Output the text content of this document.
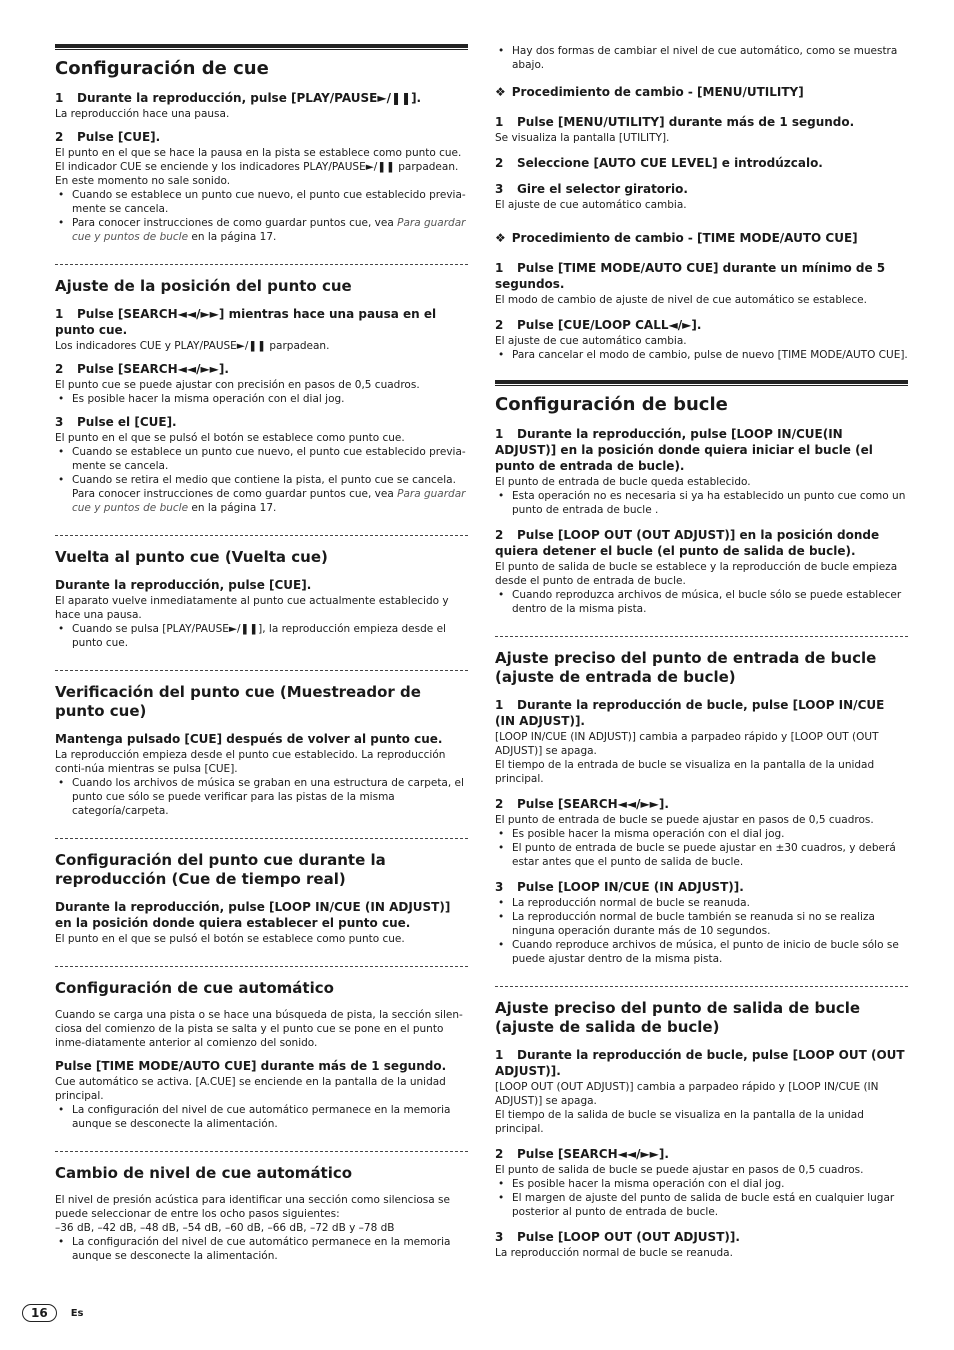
Configuración de cue
1 Durante la reproducción, pulse [PLAY/PAUSE►/❚❚].

La reproducción hace una pausa.

2 Pulse [CUE].

El punto en el que se hace la pausa en la pista se establece como punto cue. El indicador CUE se enciende y los indicadores PLAY/PAUSE►/❚❚ parpadean. En este momento no sale sonido.

• Cuando se establece un punto cue nuevo, el punto cue establecido previa-mente se cancela.
• Para conocer instrucciones de como guardar puntos cue, vea Para guardar cue y puntos de bucle en la página 17.
Ajuste de la posición del punto cue
1 Pulse [SEARCH◄◄/►►] mientras hace una pausa en el punto cue.

Los indicadores CUE y PLAY/PAUSE►/❚❚ parpadean.

2 Pulse [SEARCH◄◄/►►].

El punto cue se puede ajustar con precisión en pasos de 0,5 cuadros.

• Es posible hacer la misma operación con el dial jog.
3 Pulse el [CUE].

El punto en el que se pulsó el botón se establece como punto cue.

• Cuando se establece un punto cue nuevo, el punto cue establecido previa-mente se cancela.
• Cuando se retira el medio que contiene la pista, el punto cue se cancela. Para conocer instrucciones de como guardar puntos cue, vea Para guardar cue y puntos de bucle en la página 17.
Vuelta al punto cue (Vuelta cue)
Durante la reproducción, pulse [CUE].

El aparato vuelve inmediatamente al punto cue actualmente establecido y hace una pausa.

• Cuando se pulsa [PLAY/PAUSE►/❚❚], la reproducción empieza desde el punto cue.
Verificación del punto cue (Muestreador de punto cue)
Mantenga pulsado [CUE] después de volver al punto cue.

La reproducción empieza desde el punto cue establecido. La reproducción conti-núa mientras se pulsa [CUE].

• Cuando los archivos de música se graban en una estructura de carpeta, el punto cue sólo se puede verificar para las pistas de la misma categoría/carpeta.
Configuración del punto cue durante la reproducción (Cue de tiempo real)
Durante la reproducción, pulse [LOOP IN/CUE (IN ADJUST)] en la posición donde quiera establecer el punto cue.

El punto en el que se pulsó el botón se establece como punto cue.

Configuración de cue automático

Cuando se carga una pista o se hace una búsqueda de pista, la sección silen-ciosa del comienzo de la pista se salta y el punto cue se pone en el punto inme-diatamente anterior al comienzo del sonido.

Pulse [TIME MODE/AUTO CUE] durante más de 1 segundo.

Cue automático se activa. [A.CUE] se enciende en la pantalla de la unidad principal.

• La configuración del nivel de cue automático permanece en la memoria aunque se desconecte la alimentación.
Cambio de nivel de cue automático

El nivel de presión acústica para identificar una sección como silenciosa se puede seleccionar de entre los ocho pasos siguientes:

–36 dB, –42 dB, –48 dB, –54 dB, –60 dB, –66 dB, –72 dB y –78 dB

• La configuración del nivel de cue automático permanece en la memoria aunque se desconecte la alimentación.
• Hay dos formas de cambiar el nivel de cue automático, como se muestra abajo.
❖ Procedimiento de cambio - [MENU/UTILITY]
1 Pulse [MENU/UTILITY] durante más de 1 segundo.

Se visualiza la pantalla [UTILITY].

2 Seleccione [AUTO CUE LEVEL] e introdúzcalo.
3 Gire el selector giratorio.

El ajuste de cue automático cambia.

❖ Procedimiento de cambio - [TIME MODE/AUTO CUE]
1 Pulse [TIME MODE/AUTO CUE] durante un mínimo de 5 segundos.

El modo de cambio de ajuste de nivel de cue automático se establece.

2 Pulse [CUE/LOOP CALL◄/►].

El ajuste de cue automático cambia.

• Para cancelar el modo de cambio, pulse de nuevo [TIME MODE/AUTO CUE].
Configuración de bucle
1 Durante la reproducción, pulse [LOOP IN/CUE(IN ADJUST)] en la posición donde quiera iniciar el bucle (el punto de entrada de bucle).

El punto de entrada de bucle queda establecido.

• Esta operación no es necesaria si ya ha establecido un punto cue como un punto de entrada de bucle .
2 Pulse [LOOP OUT (OUT ADJUST)] en la posición donde quiera detener el bucle (el punto de salida de bucle).

El punto de salida de bucle se establece y la reproducción de bucle empieza desde el punto de entrada de bucle.

• Cuando reproduzca archivos de música, el bucle sólo se puede establecer dentro de la misma pista.
Ajuste preciso del punto de entrada de bucle (ajuste de entrada de bucle)
1 Durante la reproducción de bucle, pulse [LOOP IN/CUE (IN ADJUST)].

[LOOP IN/CUE (IN ADJUST)] cambia a parpadeo rápido y [LOOP OUT (OUT ADJUST)] se apaga.

El tiempo de la entrada de bucle se visualiza en la pantalla de la unidad principal.

2 Pulse [SEARCH◄◄/►►].

El punto de entrada de bucle se puede ajustar en pasos de 0,5 cuadros.

• Es posible hacer la misma operación con el dial jog.
• El punto de entrada de bucle se puede ajustar en ±30 cuadros, y deberá estar antes que el punto de salida de bucle.
3 Pulse [LOOP IN/CUE (IN ADJUST)].
• La reproducción normal de bucle se reanuda.
• La reproducción normal de bucle también se reanuda si no se realiza ninguna operación durante más de 10 segundos.
• Cuando reproduce archivos de música, el punto de inicio de bucle sólo se puede ajustar dentro de la misma pista.
Ajuste preciso del punto de salida de bucle (ajuste de salida de bucle)
1 Durante la reproducción de bucle, pulse [LOOP OUT (OUT ADJUST)].

[LOOP OUT (OUT ADJUST)] cambia a parpadeo rápido y [LOOP IN/CUE (IN ADJUST)] se apaga.

El tiempo de la salida de bucle se visualiza en la pantalla de la unidad principal.

2 Pulse [SEARCH◄◄/►►].

El punto de salida de bucle se puede ajustar en pasos de 0,5 cuadros.

• Es posible hacer la misma operación con el dial jog.
• El margen de ajuste del punto de salida de bucle está en cualquier lugar posterior al punto de entrada de bucle.
3 Pulse [LOOP OUT (OUT ADJUST)].

La reproducción normal de bucle se reanuda.

16	Es
